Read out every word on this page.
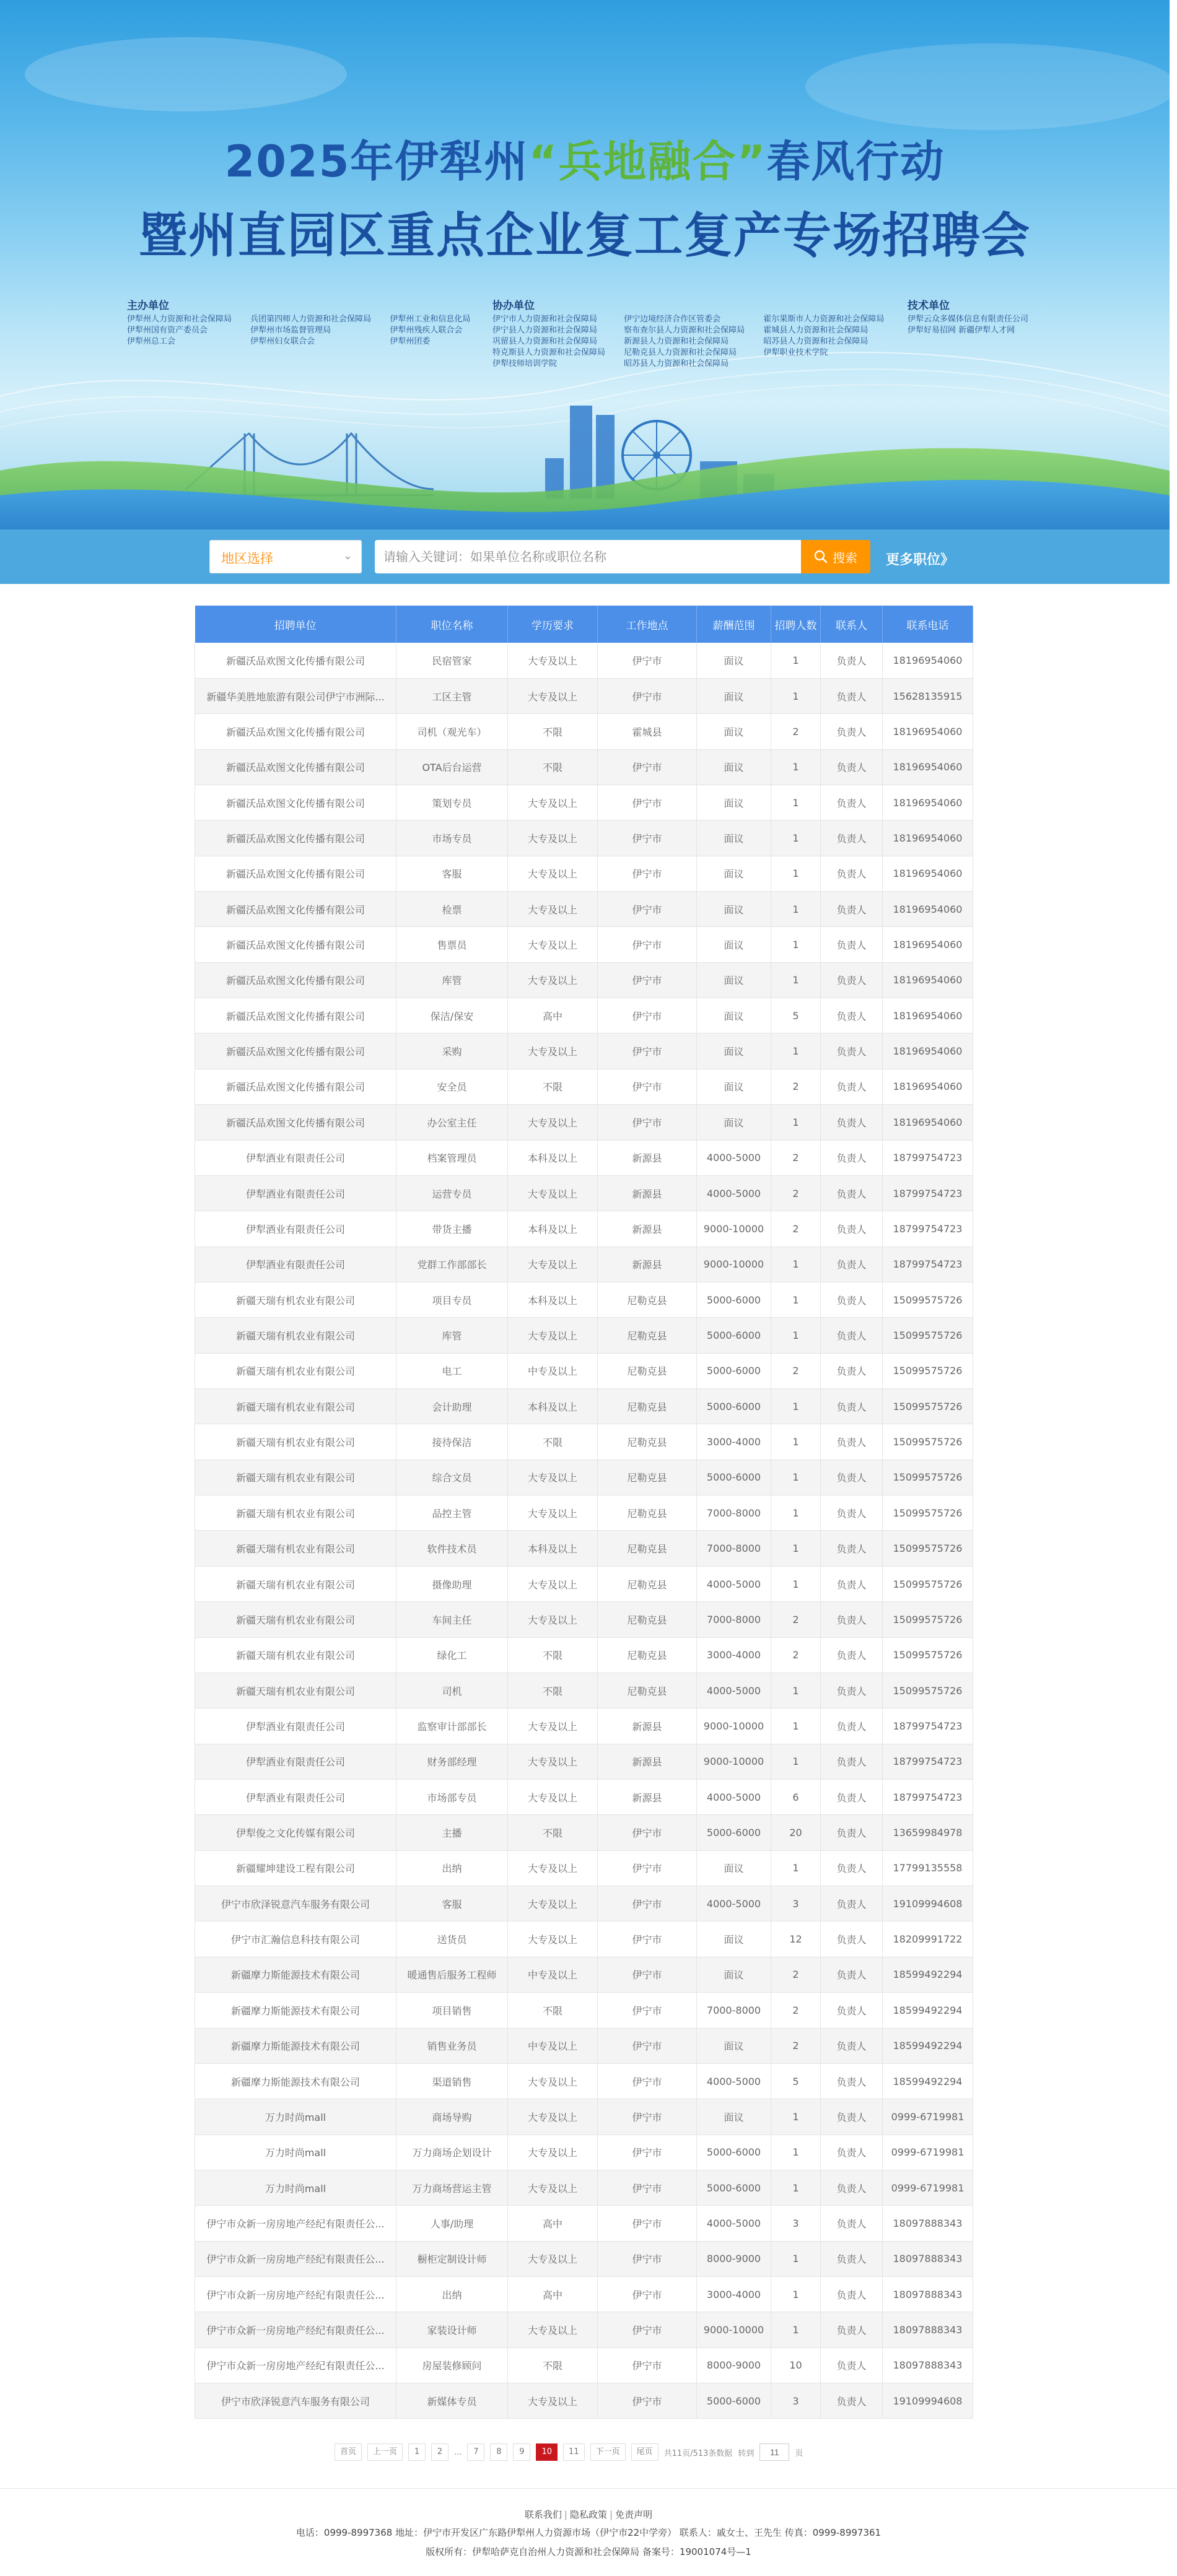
2025年伊犁州“兵地融合”春风行动
暨州直园区重点企业复工复产专场招聘会
主办单位
伊犁州人力资源和社会保障局
伊犁州国有资产委员会
伊犁州总工会

兵团第四师人力资源和社会保障局
伊犁州市场监督管理局
伊犁州妇女联合会

伊犁州工业和信息化局
伊犁州残疾人联合会
伊犁州团委
协办单位
伊宁市人力资源和社会保障局
伊宁县人力资源和社会保障局
巩留县人力资源和社会保障局
特克斯县人力资源和社会保障局
伊犁技师培训学院

伊宁边境经济合作区管委会
察布查尔县人力资源和社会保障局
新源县人力资源和社会保障局
尼勒克县人力资源和社会保障局
昭苏县人力资源和社会保障局

霍尔果斯市人力资源和社会保障局
霍城县人力资源和社会保障局
昭苏县人力资源和社会保障局
伊犁职业技术学院
技术单位
伊犁云众多媒体信息有限责任公司
伊犁好易招网 新疆伊犁人才网
地区选择	⌄
请输入关键词：如果单位名称或职位名称	搜索 更多职位》
招聘单位	职位名称	学历要求	工作地点	薪酬范围	招聘人数	联系人	联系电话
新疆沃品欢图文化传播有限公司	民宿管家	大专及以上	伊宁市	面议	1	负责人	18196954060
新疆华美胜地旅游有限公司伊宁市洲际...	工区主管	大专及以上	伊宁市	面议	1	负责人	15628135915
新疆沃品欢图文化传播有限公司	司机（观光车）	不限	霍城县	面议	2	负责人	18196954060
新疆沃品欢图文化传播有限公司	OTA后台运营	不限	伊宁市	面议	1	负责人	18196954060
新疆沃品欢图文化传播有限公司	策划专员	大专及以上	伊宁市	面议	1	负责人	18196954060
新疆沃品欢图文化传播有限公司	市场专员	大专及以上	伊宁市	面议	1	负责人	18196954060
新疆沃品欢图文化传播有限公司	客服	大专及以上	伊宁市	面议	1	负责人	18196954060
新疆沃品欢图文化传播有限公司	检票	大专及以上	伊宁市	面议	1	负责人	18196954060
新疆沃品欢图文化传播有限公司	售票员	大专及以上	伊宁市	面议	1	负责人	18196954060
新疆沃品欢图文化传播有限公司	库管	大专及以上	伊宁市	面议	1	负责人	18196954060
新疆沃品欢图文化传播有限公司	保洁/保安	高中	伊宁市	面议	5	负责人	18196954060
新疆沃品欢图文化传播有限公司	采购	大专及以上	伊宁市	面议	1	负责人	18196954060
新疆沃品欢图文化传播有限公司	安全员	不限	伊宁市	面议	2	负责人	18196954060
新疆沃品欢图文化传播有限公司	办公室主任	大专及以上	伊宁市	面议	1	负责人	18196954060
伊犁酒业有限责任公司	档案管理员	本科及以上	新源县	4000-5000	2	负责人	18799754723
伊犁酒业有限责任公司	运营专员	大专及以上	新源县	4000-5000	2	负责人	18799754723
伊犁酒业有限责任公司	带货主播	本科及以上	新源县	9000-10000	2	负责人	18799754723
伊犁酒业有限责任公司	党群工作部部长	大专及以上	新源县	9000-10000	1	负责人	18799754723
新疆天瑞有机农业有限公司	项目专员	本科及以上	尼勒克县	5000-6000	1	负责人	15099575726
新疆天瑞有机农业有限公司	库管	大专及以上	尼勒克县	5000-6000	1	负责人	15099575726
新疆天瑞有机农业有限公司	电工	中专及以上	尼勒克县	5000-6000	2	负责人	15099575726
新疆天瑞有机农业有限公司	会计助理	本科及以上	尼勒克县	5000-6000	1	负责人	15099575726
新疆天瑞有机农业有限公司	接待保洁	不限	尼勒克县	3000-4000	1	负责人	15099575726
新疆天瑞有机农业有限公司	综合文员	大专及以上	尼勒克县	5000-6000	1	负责人	15099575726
新疆天瑞有机农业有限公司	品控主管	大专及以上	尼勒克县	7000-8000	1	负责人	15099575726
新疆天瑞有机农业有限公司	软件技术员	本科及以上	尼勒克县	7000-8000	1	负责人	15099575726
新疆天瑞有机农业有限公司	摄像助理	大专及以上	尼勒克县	4000-5000	1	负责人	15099575726
新疆天瑞有机农业有限公司	车间主任	大专及以上	尼勒克县	7000-8000	2	负责人	15099575726
新疆天瑞有机农业有限公司	绿化工	不限	尼勒克县	3000-4000	2	负责人	15099575726
新疆天瑞有机农业有限公司	司机	不限	尼勒克县	4000-5000	1	负责人	15099575726
伊犁酒业有限责任公司	监察审计部部长	大专及以上	新源县	9000-10000	1	负责人	18799754723
伊犁酒业有限责任公司	财务部经理	大专及以上	新源县	9000-10000	1	负责人	18799754723
伊犁酒业有限责任公司	市场部专员	大专及以上	新源县	4000-5000	6	负责人	18799754723
伊犁俊之文化传媒有限公司	主播	不限	伊宁市	5000-6000	20	负责人	13659984978
新疆耀坤建设工程有限公司	出纳	大专及以上	伊宁市	面议	1	负责人	17799135558
伊宁市欣泽锐意汽车服务有限公司	客服	大专及以上	伊宁市	4000-5000	3	负责人	19109994608
伊宁市汇瀚信息科技有限公司	送货员	大专及以上	伊宁市	面议	12	负责人	18209991722
新疆摩力斯能源技术有限公司	暖通售后服务工程师	中专及以上	伊宁市	面议	2	负责人	18599492294
新疆摩力斯能源技术有限公司	项目销售	不限	伊宁市	7000-8000	2	负责人	18599492294
新疆摩力斯能源技术有限公司	销售业务员	中专及以上	伊宁市	面议	2	负责人	18599492294
新疆摩力斯能源技术有限公司	渠道销售	大专及以上	伊宁市	4000-5000	5	负责人	18599492294
万力时尚mall	商场导购	大专及以上	伊宁市	面议	1	负责人	0999-6719981
万力时尚mall	万力商场企划设计	大专及以上	伊宁市	5000-6000	1	负责人	0999-6719981
万力时尚mall	万力商场营运主管	大专及以上	伊宁市	5000-6000	1	负责人	0999-6719981
伊宁市众新一房房地产经纪有限责任公...	人事/助理	高中	伊宁市	4000-5000	3	负责人	18097888343
伊宁市众新一房房地产经纪有限责任公...	橱柜定制设计师	大专及以上	伊宁市	8000-9000	1	负责人	18097888343
伊宁市众新一房房地产经纪有限责任公...	出纳	高中	伊宁市	3000-4000	1	负责人	18097888343
伊宁市众新一房房地产经纪有限责任公...	家装设计师	大专及以上	伊宁市	9000-10000	1	负责人	18097888343
伊宁市众新一房房地产经纪有限责任公...	房屋装修顾问	不限	伊宁市	8000-9000	10	负责人	18097888343
伊宁市欣泽锐意汽车服务有限公司	新媒体专员	大专及以上	伊宁市	5000-6000	3	负责人	19109994608
首页	上一页	1	2	...	7	8	9	10	11	下一页	尾页	共11页/513条数据 转到
11	页
联系我们 | 隐私政策 | 免责声明
电话：0999-8997368 地址：伊宁市开发区广东路伊犁州人力资源市场（伊宁市22中学旁） 联系人：戚女士、王先生 传真：0999-8997361
版权所有：伊犁哈萨克自治州人力资源和社会保障局 备案号：19001074号—1
